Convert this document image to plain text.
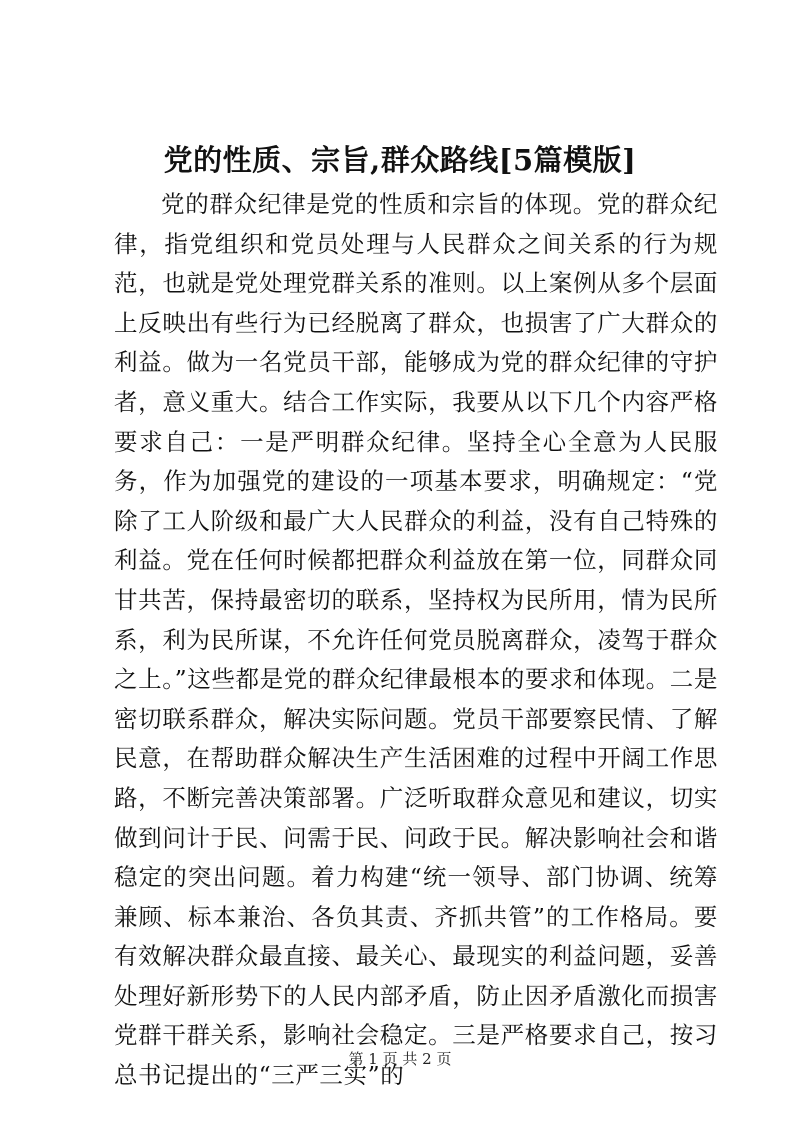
党的性质、宗旨,群众路线[5篇模版]

党的群众纪律是党的性质和宗旨的体现。党的群众纪律，指党组织和党员处理与人民群众之间关系的行为规范，也就是党处理党群关系的准则。以上案例从多个层面上反映出有些行为已经脱离了群众，也损害了广大群众的利益。做为一名党员干部，能够成为党的群众纪律的守护者，意义重大。结合工作实际，我要从以下几个内容严格要求自己：一是严明群众纪律。坚持全心全意为人民服务，作为加强党的建设的一项基本要求，明确规定：“党除了工人阶级和最广大人民群众的利益，没有自己特殊的利益。党在任何时候都把群众利益放在第一位，同群众同甘共苦，保持最密切的联系，坚持权为民所用，情为民所系，利为民所谋，不允许任何党员脱离群众，凌驾于群众之上。”这些都是党的群众纪律最根本的要求和体现。二是密切联系群众，解决实际问题。党员干部要察民情、了解民意，在帮助群众解决生产生活困难的过程中开阔工作思路，不断完善决策部署。广泛听取群众意见和建议，切实做到问计于民、问需于民、问政于民。解决影响社会和谐稳定的突出问题。着力构建“统一领导、部门协调、统筹兼顾、标本兼治、各负其责、齐抓共管”的工作格局。要有效解决群众最直接、最关心、最现实的利益问题，妥善处理好新形势下的人民内部矛盾，防止因矛盾激化而损害党群干群关系，影响社会稳定。三是严格要求自己，按习总书记提出的“三严三实”的

第 1 页 共 2 页
